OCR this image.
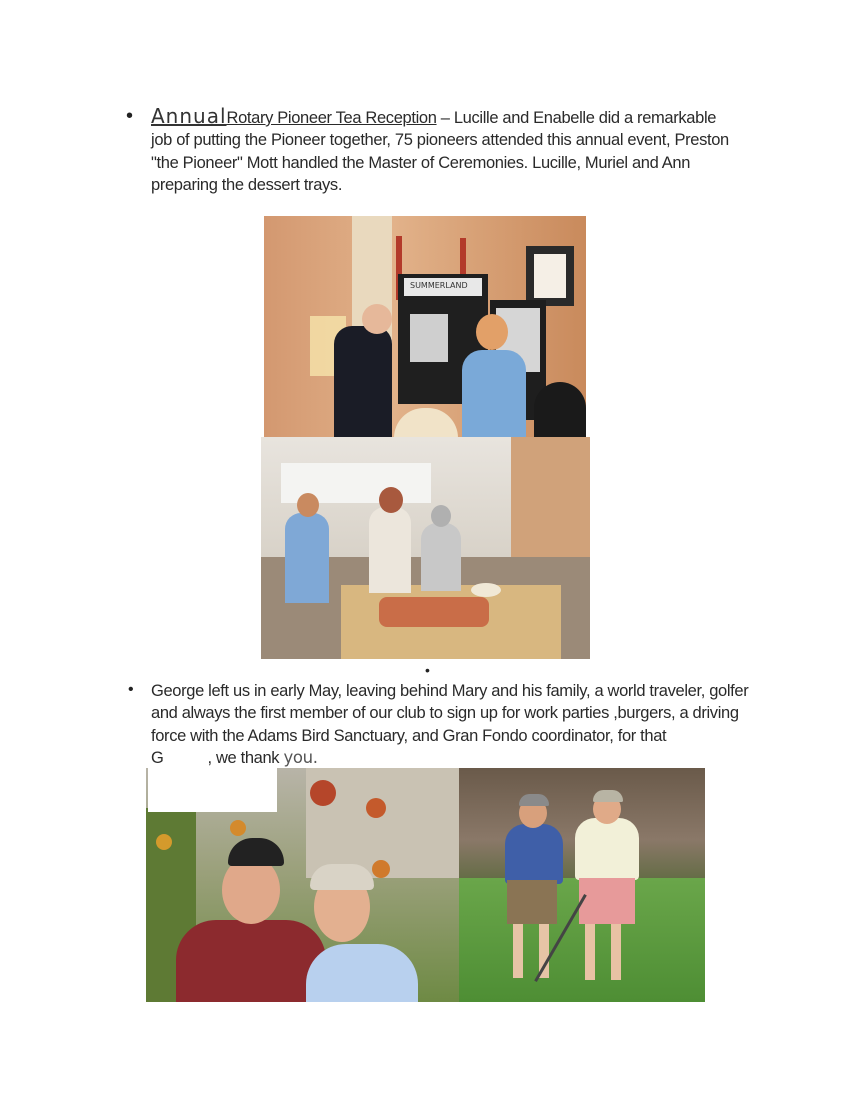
• AnnualRotary Pioneer Tea Reception – Lucille and Enabelle did a remarkable
job of putting the Pioneer together, 75 pioneers attended this annual event, Preston "the Pioneer" Mott handled the Master of Ceremonies. Lucille, Muriel and Ann preparing the dessert trays.
SUMMERLAND
•
• George left us in early May, leaving behind Mary and his family, a world traveler, golfer and always the first member of our club to sign up for work parties ,burgers, a driving force with the Adams Bird Sanctuary, and Gran Fondo coordinator, for that
G	, we thank you.
